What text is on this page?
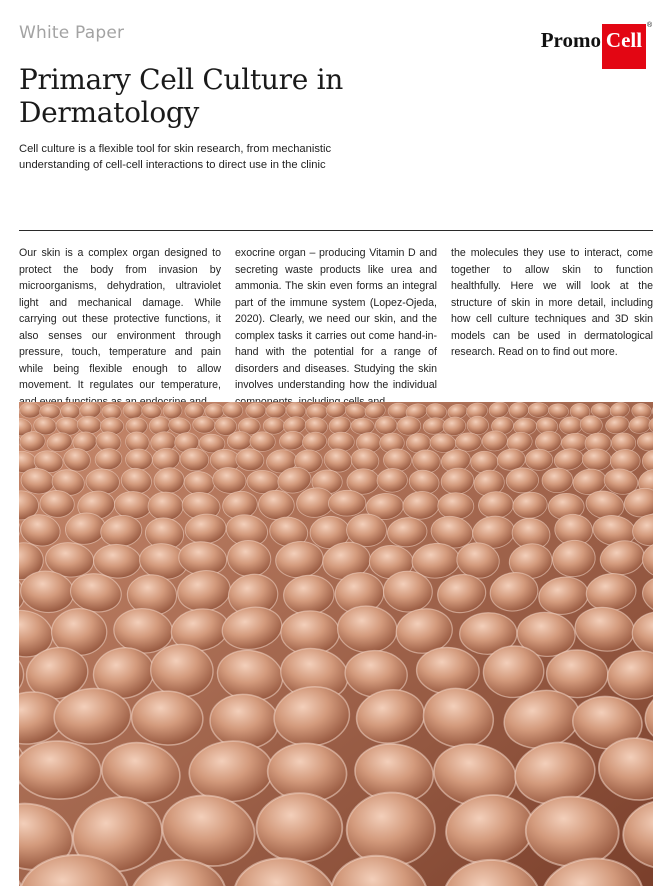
White Paper	Promo Cell
®
Primary Cell Culture in Dermatology

Cell culture is a flexible tool for skin research, from mechanistic understanding of cell-cell interactions to direct use in the clinic

Our skin is a complex organ designed to protect the body from invasion by microorganisms, dehydration, ultraviolet light and mechanical damage. While carrying out these protective functions, it also senses our environment through pressure, touch, temperature and pain while being flexible enough to allow movement. It regulates our temperature,

exocrine organ – producing Vitamin D and secreting waste products like urea and ammonia. The skin even forms an integral part of the immune system (Lopez-Ojeda, 2020). Clearly, we need our skin, and the complex tasks it carries out come hand-in-hand with the potential for a range of disorders and diseases. Studying the skin involves understanding how the individual

the molecules they use to interact, come together to allow skin to function healthfully. Here we will look at the structure of skin in more detail, including how cell culture techniques and 3D skin models can be used in dermatological research. Read on to find out more.
